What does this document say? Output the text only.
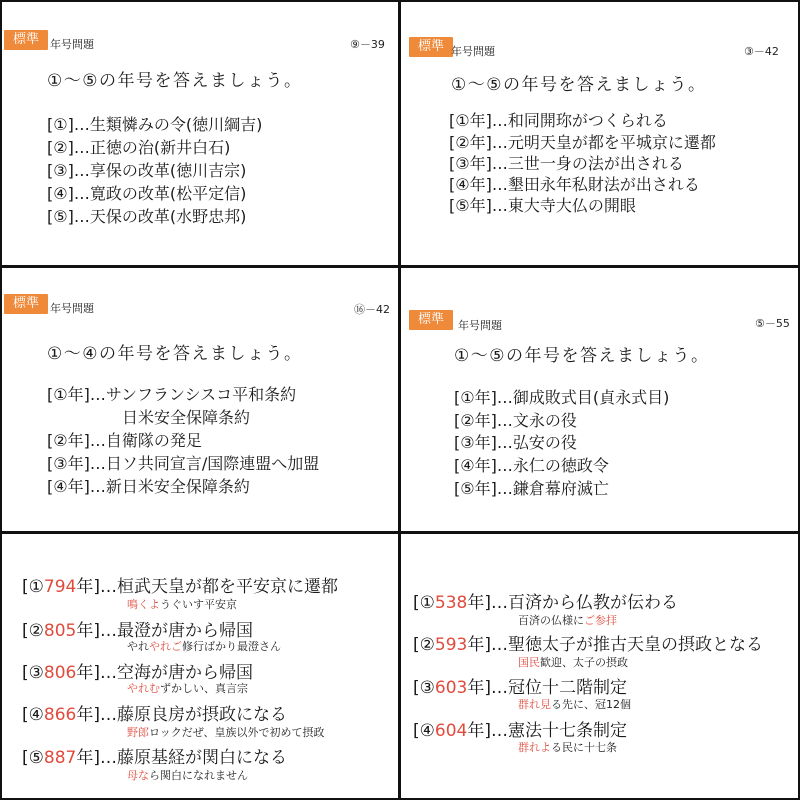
標準 年号問題	⑨－39
①～⑤の年号を答えましょう。
[①]…生類憐みの令(徳川綱吉)
[②]…正徳の治(新井白石)
[③]…享保の改革(徳川吉宗)
[④]…寛政の改革(松平定信)
[⑤]…天保の改革(水野忠邦)
標準 年号問題	③－42
①～⑤の年号を答えましょう。
[①年]…和同開珎がつくられる
[②年]…元明天皇が都を平城京に遷都
[③年]…三世一身の法が出される
[④年]…墾田永年私財法が出される
[⑤年]…東大寺大仏の開眼
標準 年号問題	⑯－42
①～④の年号を答えましょう。
[①年]…サンフランシスコ平和条約
日米安全保障条約
[②年]…自衛隊の発足
[③年]…日ソ共同宣言/国際連盟へ加盟
[④年]…新日米安全保障条約
標準	年号問題	⑤－55
①～⑤の年号を答えましょう。
[①年]…御成敗式目(貞永式目)
[②年]…文永の役
[③年]…弘安の役
[④年]…永仁の徳政令
[⑤年]…鎌倉幕府滅亡
[①794年]…桓武天皇が都を平安京に遷都
鳴くようぐいす平安京
[②805年]…最澄が唐から帰国
やれやれご修行ばかり最澄さん
[③806年]…空海が唐から帰国
やれむずかしい、真言宗
[④866年]…藤原良房が摂政になる
野郎ロックだぜ、皇族以外で初めて摂政
[⑤887年]…藤原基経が関白になる
母なら関白になれません
[①538年]…百済から仏教が伝わる
百済の仏様にご参拝
[②593年]…聖徳太子が推古天皇の摂政となる
国民歓迎、太子の摂政
[③603年]…冠位十二階制定
群れ見る先に、冠12個
[④604年]…憲法十七条制定
群れよる民に十七条
